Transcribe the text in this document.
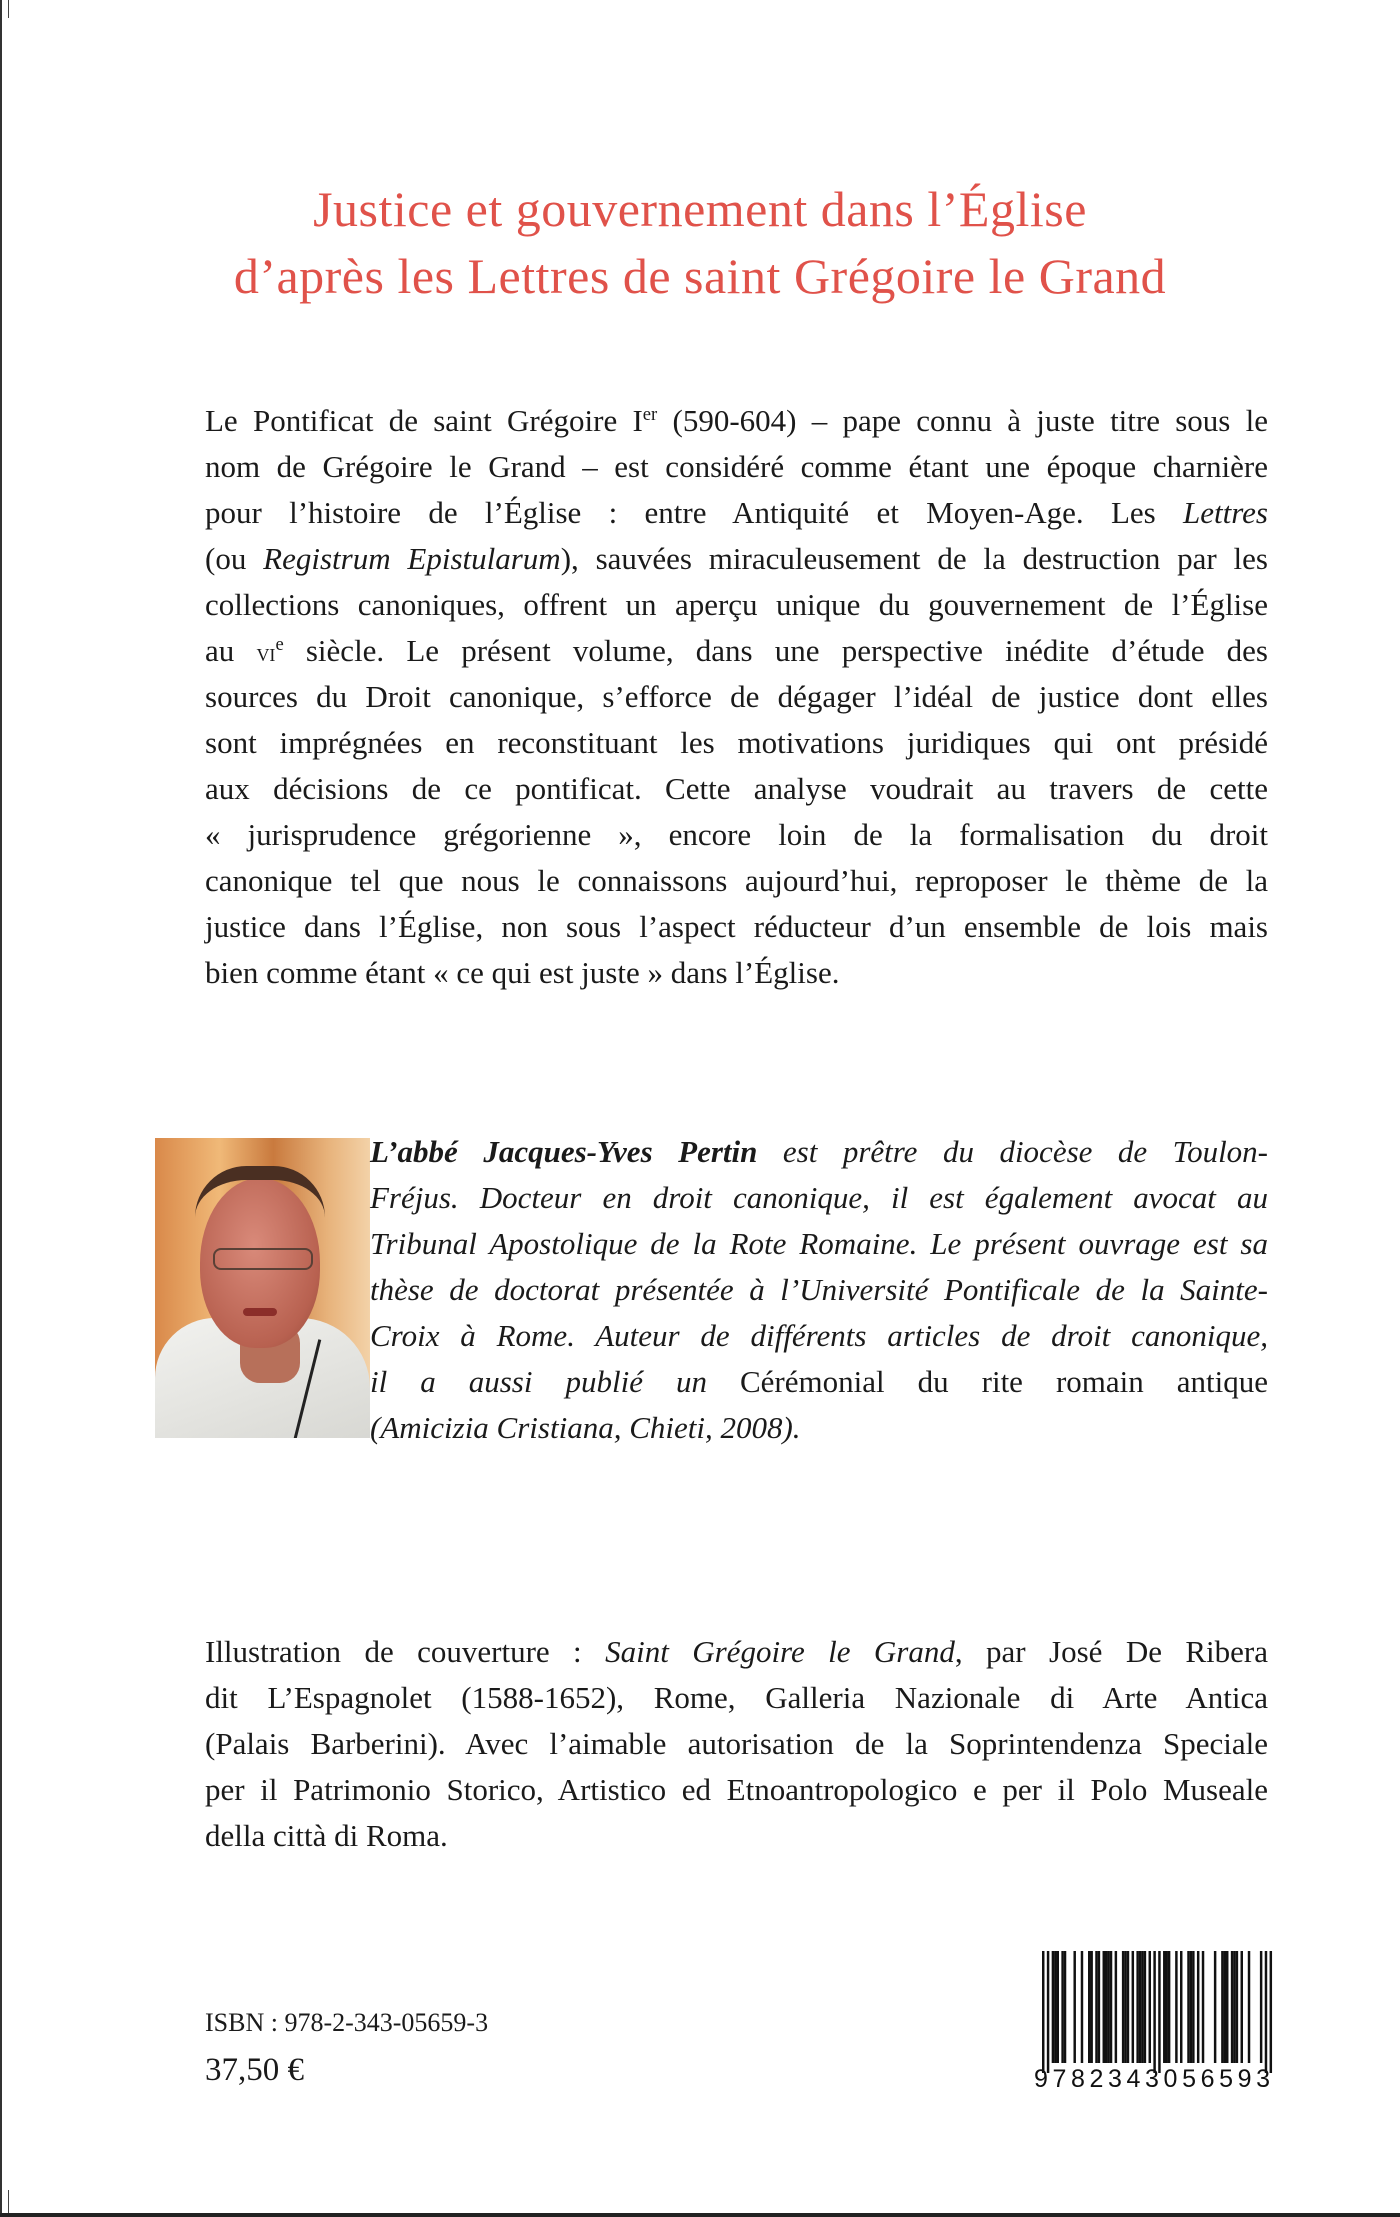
Justice et gouvernement dans l’Église
d’après les Lettres de saint Grégoire le Grand
Le Pontificat de saint Grégoire Ier (590-604) – pape connu à juste titre sous le
nom de Grégoire le Grand – est considéré comme étant une époque charnière
pour l’histoire de l’Église : entre Antiquité et Moyen-Age. Les Lettres
(ou Registrum Epistularum), sauvées miraculeusement de la destruction par les
collections canoniques, offrent un aperçu unique du gouvernement de l’Église
au $vi^e$ siècle. Le présent volume, dans une perspective inédite d’étude des
sources du Droit canonique, s’efforce de dégager l’idéal de justice dont elles
sont imprégnées en reconstituant les motivations juridiques qui ont présidé
aux décisions de ce pontificat. Cette analyse voudrait au travers de cette
« jurisprudence grégorienne », encore loin de la formalisation du droit
canonique tel que nous le connaissons aujourd’hui, reproposer le thème de la
justice dans l’Église, non sous l’aspect réducteur d’un ensemble de lois mais
bien comme étant « ce qui est juste » dans l’Église.
L’abbé Jacques-Yves Pertin est prêtre du diocèse de Toulon-
Fréjus. Docteur en droit canonique, il est également avocat au
Tribunal Apostolique de la Rote Romaine. Le présent ouvrage est sa
thèse de doctorat présentée à l’Université Pontificale de la Sainte-
Croix à Rome. Auteur de différents articles de droit canonique,
il a aussi publié un Cérémonial du rite romain antique
(Amicizia Cristiana, Chieti, 2008).
Illustration de couverture : Saint Grégoire le Grand, par José De Ribera
dit L’Espagnolet (1588-1652), Rome, Galleria Nazionale di Arte Antica
(Palais Barberini). Avec l’aimable autorisation de la Soprintendenza Speciale
per il Patrimonio Storico, Artistico ed Etnoantropologico e per il Polo Museale
della città di Roma.
ISBN : 978-2-343-05659-3
37,50 €	9782343056593
